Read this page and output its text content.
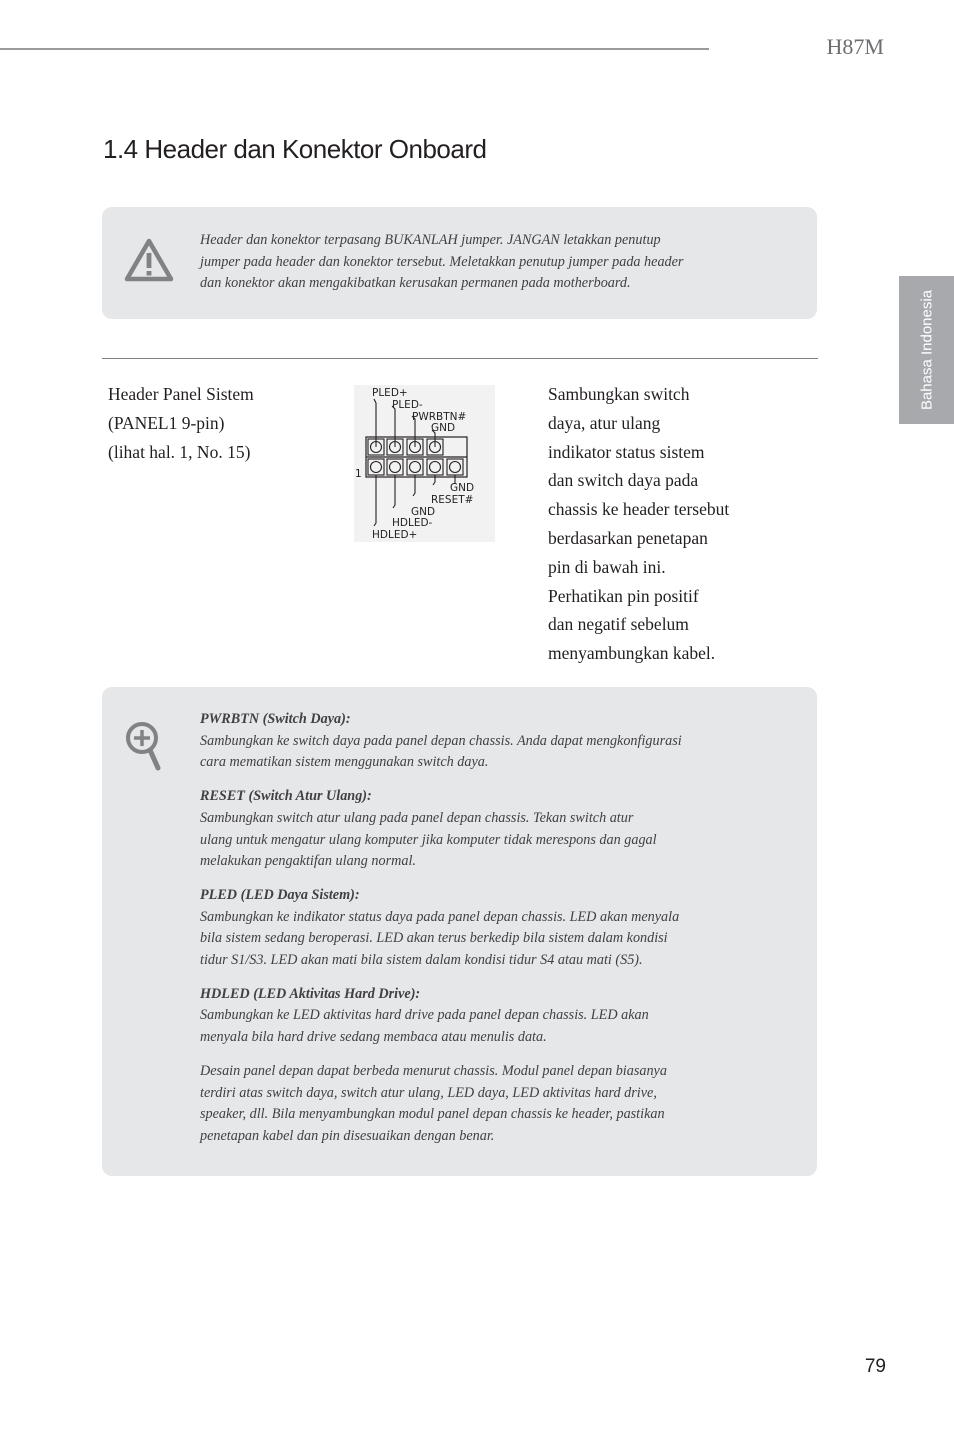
H87M
1.4 Header dan Konektor Onboard
Bahasa Indonesia
Header dan konektor terpasang BUKANLAH jumper. JANGAN letakkan penutup
jumper pada header dan konektor tersebut. Meletakkan penutup jumper pada header
dan konektor akan mengakibatkan kerusakan permanen pada motherboard.
Header Panel Sistem
(PANEL1 9-pin)
(lihat hal. 1, No. 15)
PLED+
PLED-
PWRBTN#
GND
1
GND
RESET#
GND
HDLED-
HDLED+
Sambungkan switch
daya, atur ulang
indikator status sistem
dan switch daya pada
chassis ke header tersebut
berdasarkan penetapan
pin di bawah ini.
Perhatikan pin positif
dan negatif sebelum
menyambungkan kabel.

PWRBTN (Switch Daya):

Sambungkan ke switch daya pada panel depan chassis. Anda dapat mengkonfigurasi

cara mematikan sistem menggunakan switch daya.

RESET (Switch Atur Ulang):

Sambungkan switch atur ulang pada panel depan chassis. Tekan switch atur

ulang untuk mengatur ulang komputer jika komputer tidak merespons dan gagal

melakukan pengaktifan ulang normal.

PLED (LED Daya Sistem):

Sambungkan ke indikator status daya pada panel depan chassis. LED akan menyala

bila sistem sedang beroperasi. LED akan terus berkedip bila sistem dalam kondisi

tidur S1/S3. LED akan mati bila sistem dalam kondisi tidur S4 atau mati (S5).

HDLED (LED Aktivitas Hard Drive):

Sambungkan ke LED aktivitas hard drive pada panel depan chassis. LED akan

menyala bila hard drive sedang membaca atau menulis data.

Desain panel depan dapat berbeda menurut chassis. Modul panel depan biasanya

terdiri atas switch daya, switch atur ulang, LED daya, LED aktivitas hard drive,

speaker, dll. Bila menyambungkan modul panel depan chassis ke header, pastikan

penetapan kabel dan pin disesuaikan dengan benar.

79
